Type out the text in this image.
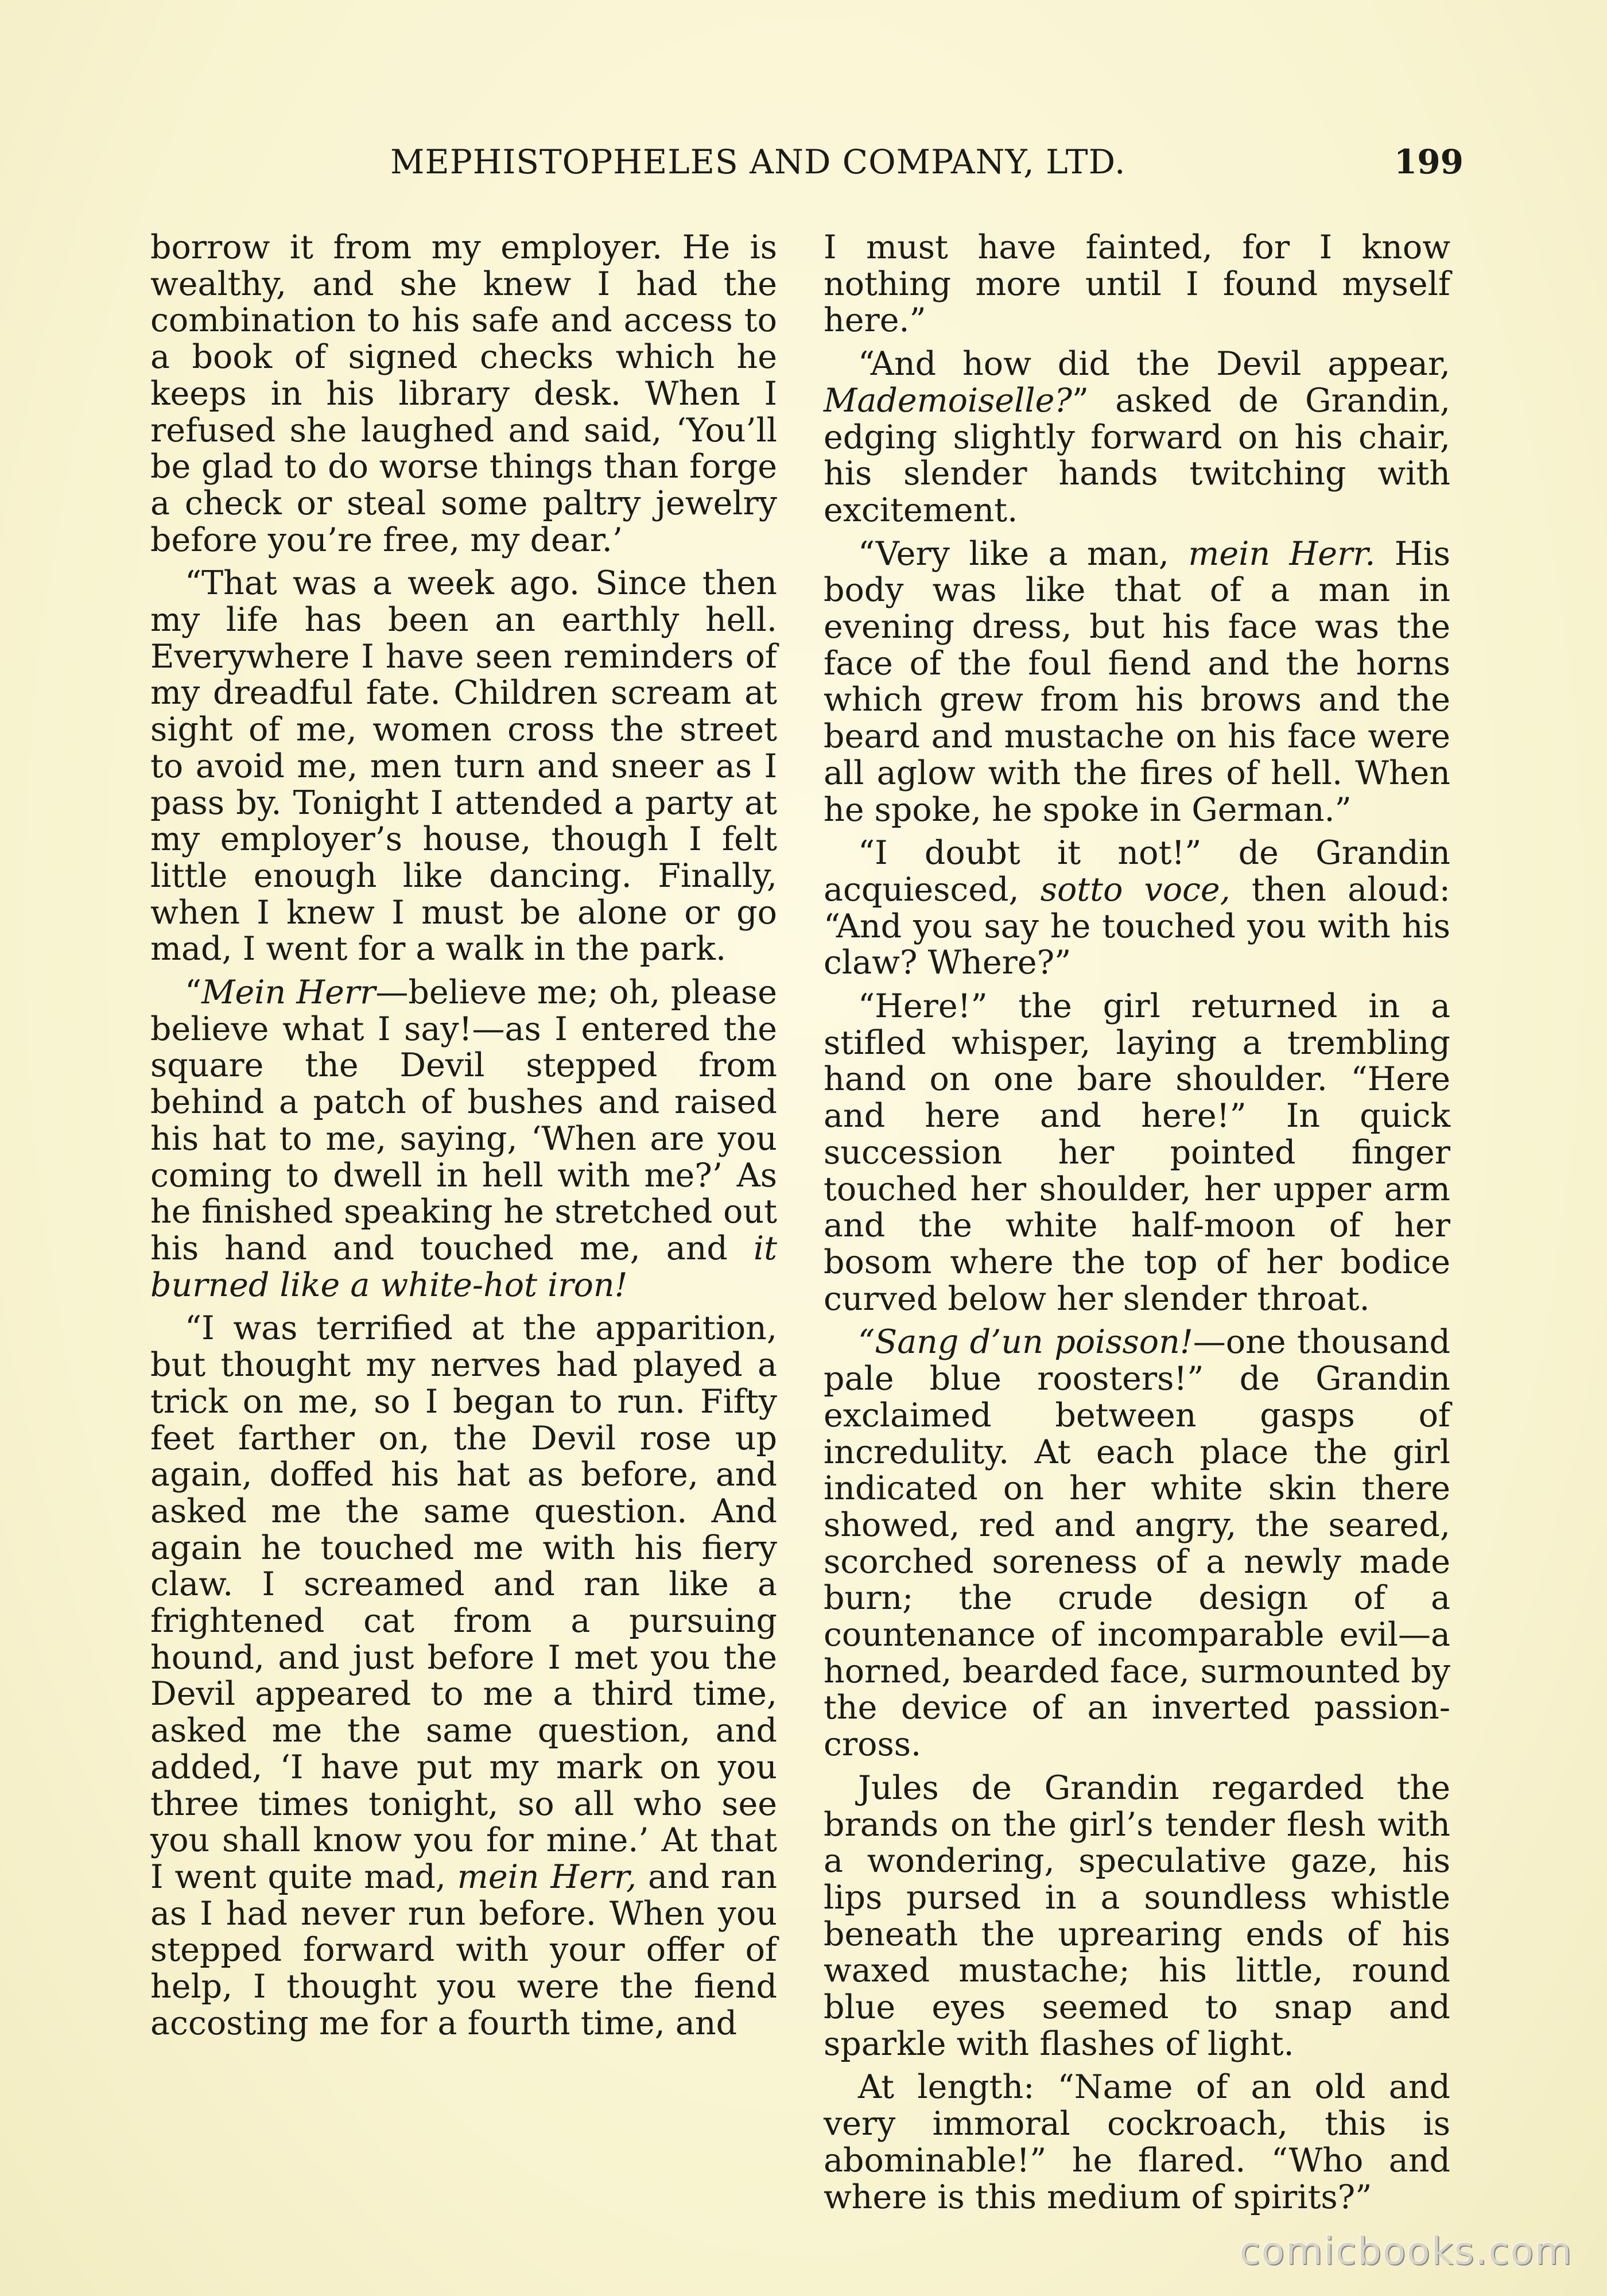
MEPHISTOPHELES AND COMPANY, LTD.	199

borrow it from my employer. He is wealthy, and she knew I had the combination to his safe and access to a book of signed checks which he keeps in his library desk. When I refused she laughed and said, ‘You’ll be glad to do worse things than forge a check or steal some paltry jewelry before you’re free, my dear.’

“That was a week ago. Since then my life has been an earthly hell. Everywhere I have seen reminders of my dreadful fate. Children scream at sight of me, women cross the street to avoid me, men turn and sneer as I pass by. Tonight I attended a party at my employer’s house, though I felt little enough like dancing. Finally, when I knew I must be alone or go mad, I went for a walk in the park.

“Mein Herr—believe me; oh, please believe what I say!—as I entered the square the Devil stepped from behind a patch of bushes and raised his hat to me, saying, ‘When are you coming to dwell in hell with me?’ As he finished speaking he stretched out his hand and touched me, and it burned like a white-hot iron!

“I was terrified at the apparition, but thought my nerves had played a trick on me, so I began to run. Fifty feet farther on, the Devil rose up again, doffed his hat as before, and asked me the same question. And again he touched me with his fiery claw. I screamed and ran like a frightened cat from a pursuing hound, and just before I met you the Devil appeared to me a third time, asked me the same question, and added, ‘I have put my mark on you three times tonight, so all who see you shall know you for mine.’ At that I went quite mad, mein Herr, and ran as I had never run before. When you stepped forward with your offer of help, I thought you were the fiend accosting me for a fourth time, and

I must have fainted, for I know nothing more until I found myself here.”

“And how did the Devil appear, Mademoiselle?” asked de Grandin, edging slightly forward on his chair, his slender hands twitching with excitement.

“Very like a man, mein Herr. His body was like that of a man in evening dress, but his face was the face of the foul fiend and the horns which grew from his brows and the beard and mustache on his face were all aglow with the fires of hell. When he spoke, he spoke in German.”

“I doubt it not!” de Grandin acquiesced, sotto voce, then aloud: “And you say he touched you with his claw? Where?”

“Here!” the girl returned in a stifled whisper, laying a trembling hand on one bare shoulder. “Here and here and here!” In quick succession her pointed finger touched her shoulder, her upper arm and the white half-moon of her bosom where the top of her bodice curved below her slender throat.

“Sang d’un poisson!—one thousand pale blue roosters!” de Grandin exclaimed between gasps of incredulity. At each place the girl indicated on her white skin there showed, red and angry, the seared, scorched soreness of a newly made burn; the crude design of a countenance of incomparable evil—a horned, bearded face, surmounted by the device of an inverted passion-cross.

Jules de Grandin regarded the brands on the girl’s tender flesh with a wondering, speculative gaze, his lips pursed in a soundless whistle beneath the uprearing ends of his waxed mustache; his little, round blue eyes seemed to snap and sparkle with flashes of light.

At length: “Name of an old and very immoral cockroach, this is abominable!” he flared. “Who and where is this medium of spirits?”

comicbooks.com
